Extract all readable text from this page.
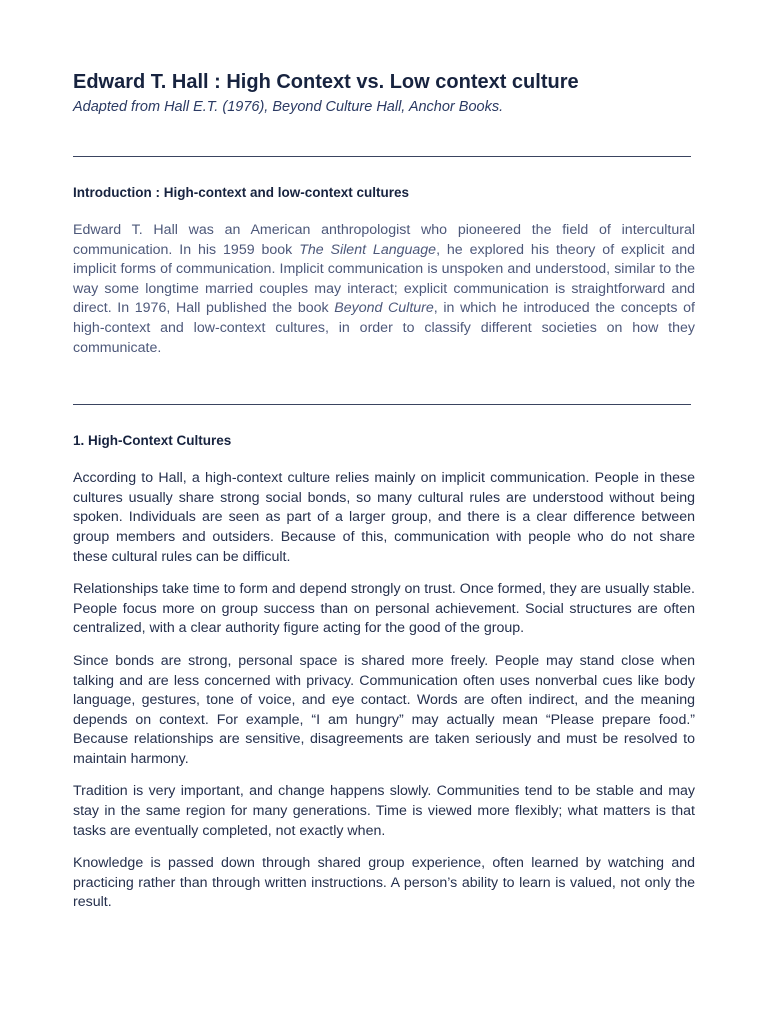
Edward T. Hall : High Context vs. Low context culture

Adapted from Hall E.T. (1976), Beyond Culture Hall, Anchor Books.

Introduction : High-context and low-context cultures

Edward T. Hall was an American anthropologist who pioneered the field of intercultural communication. In his 1959 book The Silent Language, he explored his theory of explicit and implicit forms of communication. Implicit communication is unspoken and understood, similar to the way some longtime married couples may interact; explicit communication is straightforward and direct. In 1976, Hall published the book Beyond Culture, in which he introduced the concepts of high-context and low-context cultures, in order to classify different societies on how they communicate.

1. High-Context Cultures

According to Hall, a high-context culture relies mainly on implicit communication. People in these cultures usually share strong social bonds, so many cultural rules are understood without being spoken. Individuals are seen as part of a larger group, and there is a clear difference between group members and outsiders. Because of this, communication with people who do not share these cultural rules can be difficult.

Relationships take time to form and depend strongly on trust. Once formed, they are usually stable. People focus more on group success than on personal achievement. Social structures are often centralized, with a clear authority figure acting for the good of the group.

Since bonds are strong, personal space is shared more freely. People may stand close when talking and are less concerned with privacy. Communication often uses nonverbal cues like body language, gestures, tone of voice, and eye contact. Words are often indirect, and the meaning depends on context. For example, “I am hungry” may actually mean “Please prepare food.” Because relationships are sensitive, disagreements are taken seriously and must be resolved to maintain harmony.

Tradition is very important, and change happens slowly. Communities tend to be stable and may stay in the same region for many generations. Time is viewed more flexibly; what matters is that tasks are eventually completed, not exactly when.

Knowledge is passed down through shared group experience, often learned by watching and practicing rather than through written instructions. A person’s ability to learn is valued, not only the result.
